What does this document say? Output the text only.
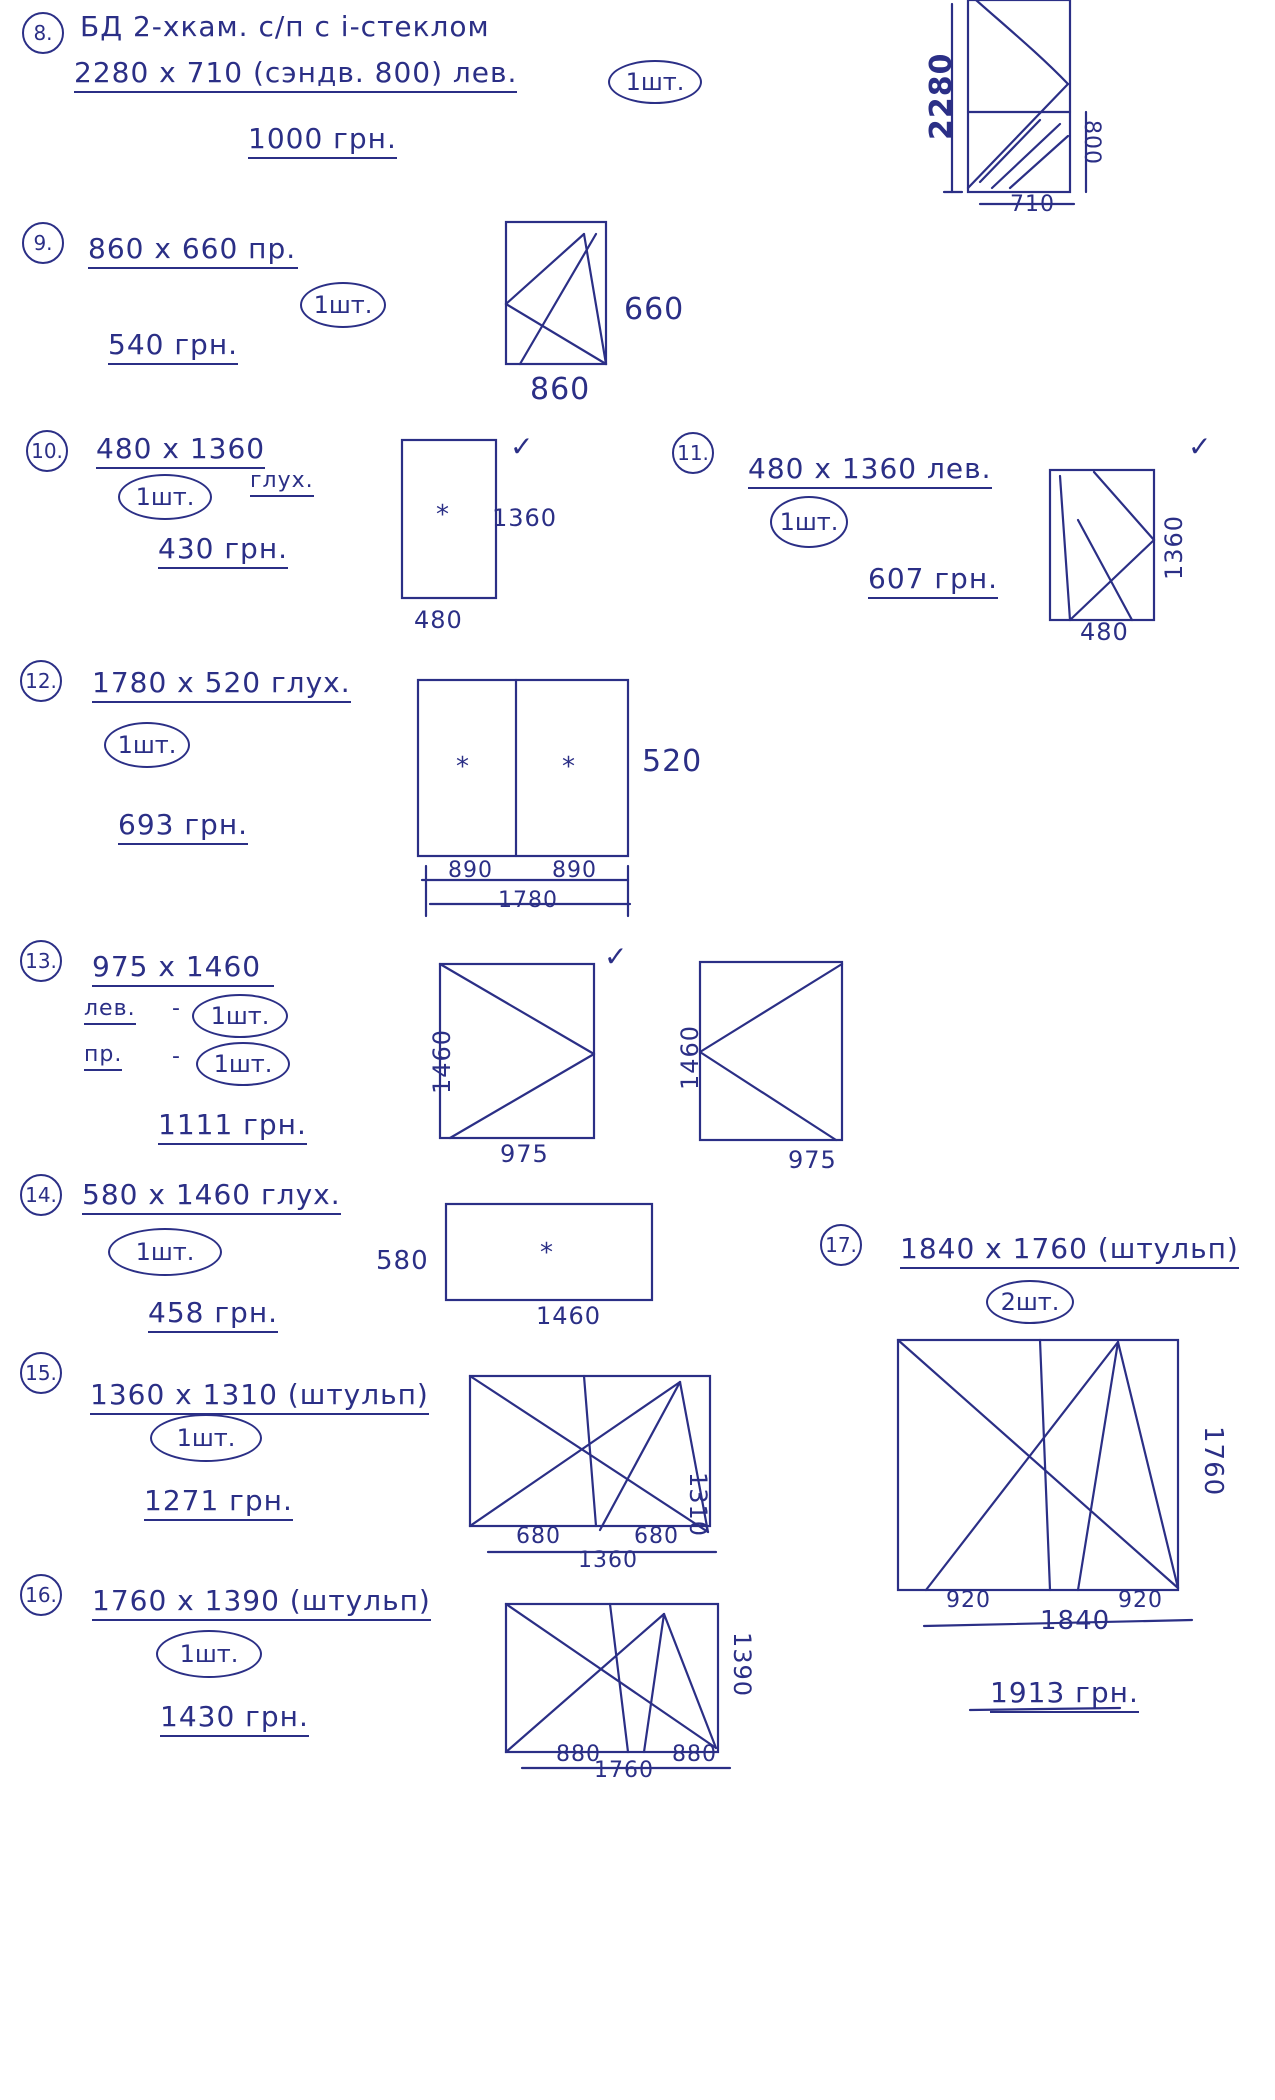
8. БД 2-хкам. с/п с і-стеклом
2280 x 710 (сэндв. 800) лев.	1шт.
1000 грн.
9.	860 x 660 пр.
1шт.
540 грн.
660
860
10. 480 x 1360
глух.
1шт.
430 грн.
1360
480
*
✓	11. 480 x 1360 лев.
1шт.
607 грн.
480
1360
✓
12. 1780 x 520 глух.
1шт.
693 грн.
520
890	890
1780
*	*
13. 975 x 1460
лев. -	1шт.
пр. -	1шт.
1111 грн.
1460
975
1460
975
✓
14. 580 x 1460 глух.
1шт.
458 грн.
580
1460
*
15.
1360 x 1310 (штульп)
1шт.
1271 грн.
680	680
1360
1310
16. 1760 x 1390 (штульп)
1шт.
1430 грн.
880	880
1760
1390
17. 1840 x 1760 (штульп)
2шт.
920	920
1840
1760
1913 грн.
2280
800
710
